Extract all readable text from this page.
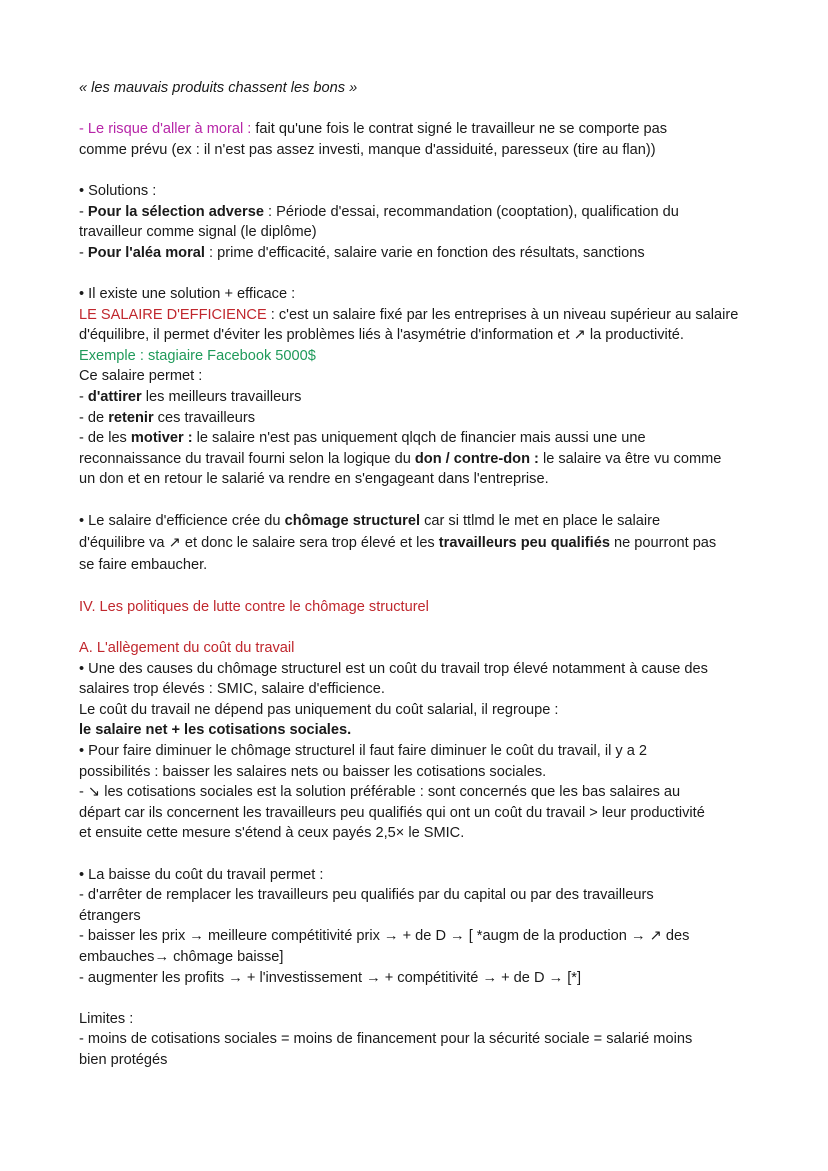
« les mauvais produits chassent les bons »
- Le risque d'aller à moral : fait qu'une fois le contrat signé le travailleur ne se comporte pas
comme prévu (ex : il n'est pas assez investi, manque d'assiduité, paresseux (tire au flan))
• Solutions :
- Pour la sélection adverse : Période d'essai, recommandation (cooptation), qualification du
travailleur comme signal (le diplôme)
- Pour l'aléa moral : prime d'efficacité, salaire varie en fonction des résultats, sanctions
• Il existe une solution + efficace :
LE SALAIRE D'EFFICIENCE : c'est un salaire fixé par les entreprises à un niveau supérieur au salaire
d'équilibre, il permet d'éviter les problèmes liés à l'asymétrie d'information et ↗ la productivité.
Exemple : stagiaire Facebook 5000$
Ce salaire permet :
- d'attirer les meilleurs travailleurs
- de retenir ces travailleurs
- de les motiver : le salaire n'est pas uniquement qlqch de financier mais aussi une une
reconnaissance du travail fourni selon la logique du don / contre-don : le salaire va être vu comme
un don et en retour le salarié va rendre en s'engageant dans l'entreprise.
• Le salaire d'efficience crée du chômage structurel car si ttlmd le met en place le salaire
d'équilibre va ↗ et donc le salaire sera trop élevé et les travailleurs peu qualifiés ne pourront pas
se faire embaucher.
IV. Les politiques de lutte contre le chômage structurel
A. L'allègement du coût du travail
• Une des causes du chômage structurel est un coût du travail trop élevé notamment à cause des
salaires trop élevés : SMIC, salaire d'efficience.
Le coût du travail ne dépend pas uniquement du coût salarial, il regroupe :
le salaire net + les cotisations sociales.
• Pour faire diminuer le chômage structurel il faut faire diminuer le coût du travail, il y a 2
possibilités : baisser les salaires nets ou baisser les cotisations sociales.
- ↘ les cotisations sociales est la solution préférable : sont concernés que les bas salaires au
départ car ils concernent les travailleurs peu qualifiés qui ont un coût du travail > leur productivité
et ensuite cette mesure s'étend à ceux payés 2,5× le SMIC.
• La baisse du coût du travail permet :
- d'arrêter de remplacer les travailleurs peu qualifiés par du capital ou par des travailleurs
étrangers
- baisser les prix → meilleure compétitivité prix → + de D → [ *augm de la production → ↗ des
embauches→ chômage baisse]
- augmenter les profits → + l'investissement → + compétitivité → + de D → [*]
Limites :
- moins de cotisations sociales = moins de financement pour la sécurité sociale = salarié moins
bien protégés
